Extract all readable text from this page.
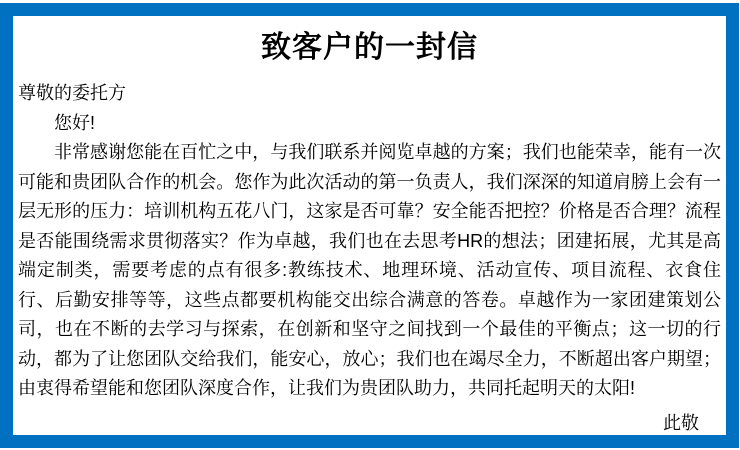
致客户的一封信

尊敬的委托方

您好!

非常感谢您能在百忙之中，与我们联系并阅览卓越的方案；我们也能荣幸，能有一次可能和贵团队合作的机会。您作为此次活动的第一负责人，我们深深的知道肩膀上会有一层无形的压力：培训机构五花八门，这家是否可靠？安全能否把控？价格是否合理？流程是否能围绕需求贯彻落实？作为卓越，我们也在去思考HR的想法；团建拓展，尤其是高端定制类，需要考虑的点有很多:教练技术、地理环境、活动宣传、项目流程、衣食住行、后勤安排等等，这些点都要机构能交出综合满意的答卷。卓越作为一家团建策划公司，也在不断的去学习与探索，在创新和坚守之间找到一个最佳的平衡点；这一切的行动，都为了让您团队交给我们，能安心，放心；我们也在竭尽全力，不断超出客户期望；由衷得希望能和您团队深度合作，让我们为贵团队助力，共同托起明天的太阳!

此敬
